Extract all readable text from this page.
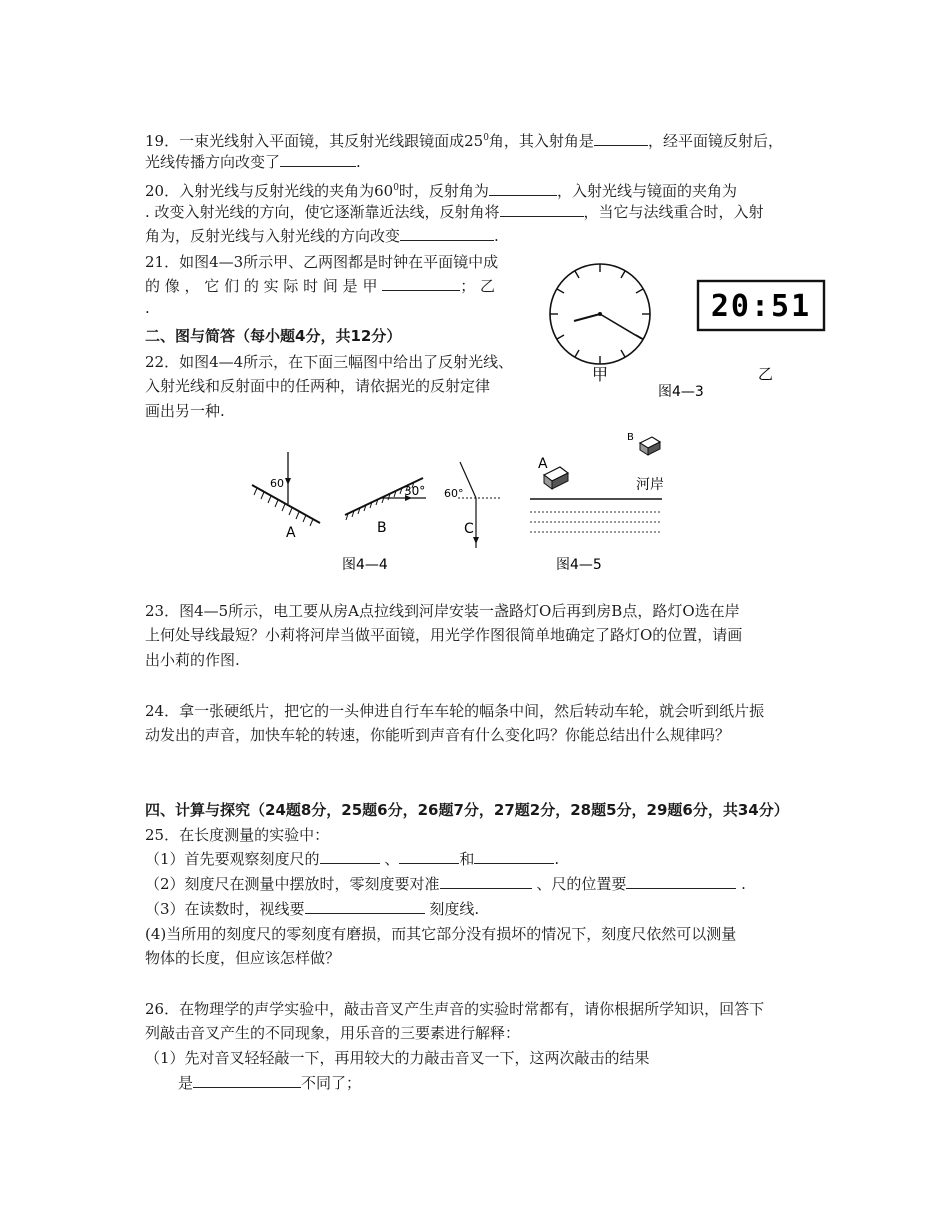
19．一束光线射入平面镜，其反射光线跟镜面成$25^0$角，其入射角是	，经平面镜反射后，
光线传播方向改变了	.
20．入射光线与反射光线的夹角为$60^0$时，反射角为	，入射光线与镜面的夹角为
. 改变入射光线的方向，使它逐渐靠近法线，反射角将	，当它与法线重合时，入射
角为，反射光线与入射光线的方向改变	.
21．如图4—3所示甲、乙两图都是时钟在平面镜中成
的 像 ， 它 们 的 实 际 时 间 是 甲	； 乙
.
二、图与简答（每小题4分，共12分）
22．如图4—4所示，在下面三幅图中给出了反射光线、
入射光线和反射面中的任两种，请依据光的反射定律
画出另一种.
甲
20:51
乙
图4—3
60
A
30°
B
60°
C
图4—4
A
B
河岸
图4—5
23．图4—5所示，电工要从房A点拉线到河岸安装一盏路灯O后再到房B点，路灯O选在岸
上何处导线最短？小莉将河岸当做平面镜，用光学作图很简单地确定了路灯O的位置，请画
出小莉的作图.
24．拿一张硬纸片，把它的一头伸进自行车车轮的幅条中间，然后转动车轮，就会听到纸片振
动发出的声音，加快车轮的转速，你能听到声音有什么变化吗？你能总结出什么规律吗？
四、计算与探究（24题8分，25题6分，26题7分，27题2分，28题5分，29题6分，共34分）
25．在长度测量的实验中：
（1）首先要观察刻度尺的	、	和	.
（2）刻度尺在测量中摆放时，零刻度要对准	、尺的位置要	.
（3）在读数时，视线要	刻度线.
(4)当所用的刻度尺的零刻度有磨损，而其它部分没有损坏的情况下，刻度尺依然可以测量
物体的长度，但应该怎样做？
26．在物理学的声学实验中，敲击音叉产生声音的实验时常都有，请你根据所学知识，回答下
列敲击音叉产生的不同现象，用乐音的三要素进行解释：
（1）先对音叉轻轻敲一下，再用较大的力敲击音叉一下，这两次敲击的结果
是	不同了；
